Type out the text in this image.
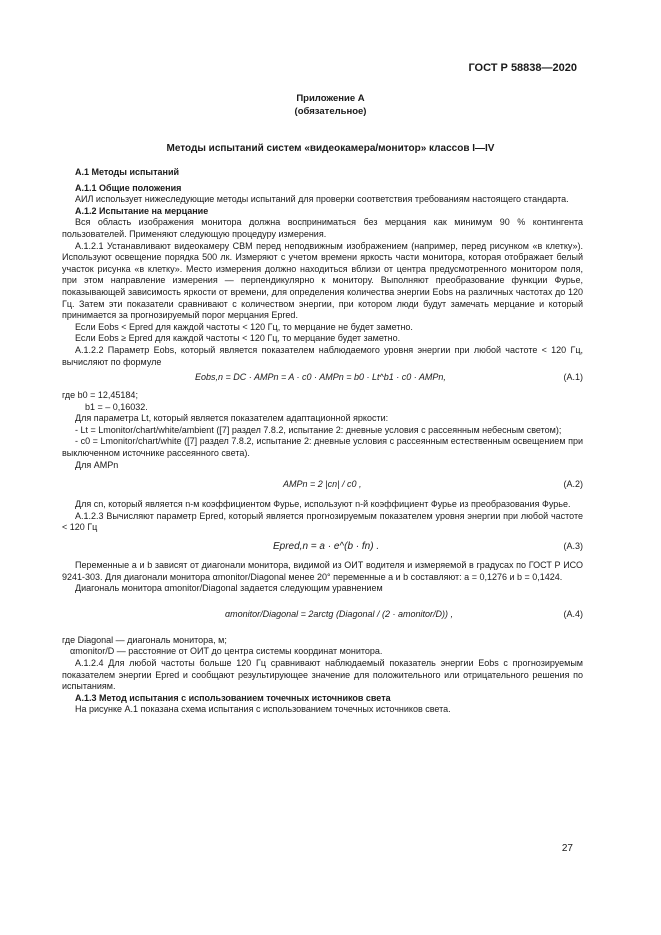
ГОСТ Р 58838—2020
Приложение А
(обязательное)
Методы испытаний систем «видеокамера/монитор» классов I—IV

А.1 Методы испытаний

А.1.1 Общие положения

АИЛ использует нижеследующие методы испытаний для проверки соответствия требованиям настоящего стандарта.

А.1.2 Испытание на мерцание

Вся область изображения монитора должна восприниматься без мерцания как минимум 90 % контингента пользователей. Применяют следующую процедуру измерения.

А.1.2.1 Устанавливают видеокамеру СВМ перед неподвижным изображением (например, перед рисунком «в клетку»). Используют освещение порядка 500 лк. Измеряют с учетом времени яркость части монитора, которая отображает белый участок рисунка «в клетку». Место измерения должно находиться вблизи от центра предусмотренного монитором поля, при этом направление измерения — перпендикулярно к монитору. Выполняют преобразование функции Фурье, показывающей зависимость яркости от времени, для определения количества энергии Eobs на различных частотах до 120 Гц. Затем эти показатели сравнивают с количеством энергии, при котором люди будут замечать мерцание и который принимается за прогнозируемый порог мерцания Epred.

Если Eobs < Epred для каждой частоты < 120 Гц, то мерцание не будет заметно.

Если Eobs ≥ Epred для каждой частоты < 120 Гц, то мерцание будет заметно.

А.1.2.2 Параметр Eobs, который является показателем наблюдаемого уровня энергии при любой частоте < 120 Гц, вычисляют по формуле

Eobs,n = DC · AMPn = A · c0 · AMPn = b0 · Lt^b1 · c0 · AMPn,	(А.1)

где b0 = 12,45184;

b1 = – 0,16032.

Для параметра Lt, который является показателем адаптационной яркости:

- Lt = Lmonitor/chart/white/ambient ([7] раздел 7.8.2, испытание 2: дневные условия с рассеянным небесным светом);

- c0 = Lmonitor/chart/white ([7] раздел 7.8.2, испытание 2: дневные условия с рассеянным естественным освещением при выключенном источнике рассеянного света).

Для AMPn

AMPn = 2 |cn| / c0 ,	(А.2)

Для cn, который является n-м коэффициентом Фурье, используют n-й коэффициент Фурье из преобразования Фурье.

А.1.2.3 Вычисляют параметр Epred, который является прогнозируемым показателем уровня энергии при любой частоте < 120 Гц

Epred,n = a · e^(b · fn) .	(А.3)

Переменные a и b зависят от диагонали монитора, видимой из ОИТ водителя и измеряемой в градусах по ГОСТ Р ИСО 9241-303. Для диагонали монитора αmonitor/Diagonal менее 20° переменные a и b составляют: a = 0,1276 и b = 0,1424.

Диагональ монитора αmonitor/Diagonal задается следующим уравнением

αmonitor/Diagonal = 2arctg (Diagonal / (2 · amonitor/D)) ,	(А.4)

где Diagonal — диагональ монитора, м;

αmonitor/D — расстояние от ОИТ до центра системы координат монитора.

А.1.2.4 Для любой частоты больше 120 Гц сравнивают наблюдаемый показатель энергии Eobs с прогнозируемым показателем энергии Epred и сообщают результирующее значение для положительного или отрицательного решения по испытаниям.

А.1.3 Метод испытания с использованием точечных источников света

На рисунке А.1 показана схема испытания с использованием точечных источников света.

27
